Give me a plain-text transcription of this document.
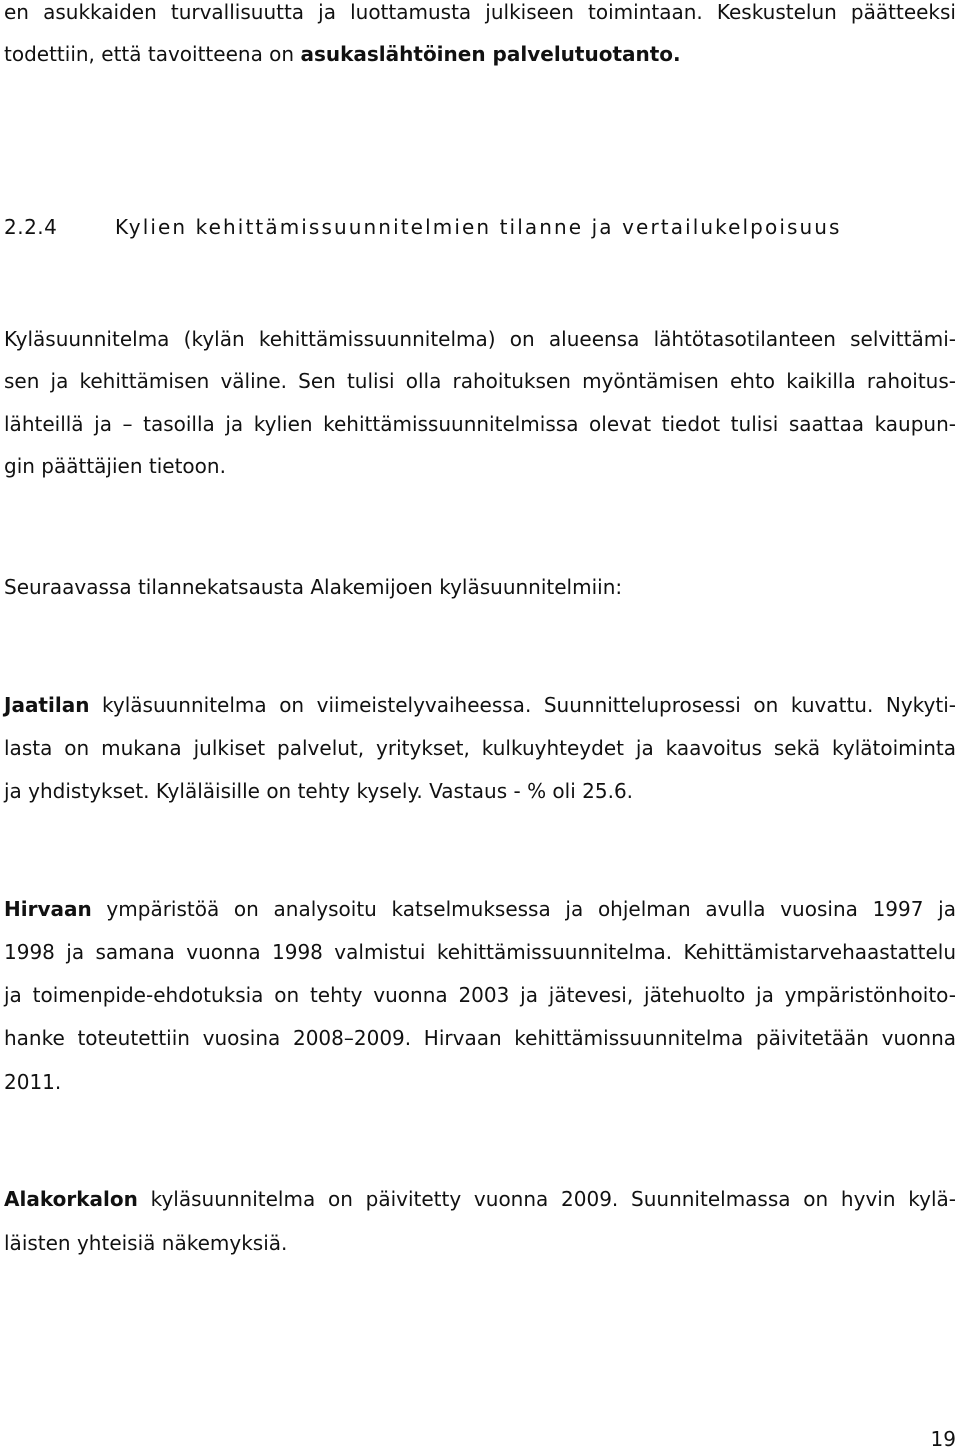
en asukkaiden turvallisuutta ja luottamusta julkiseen toimintaan. Keskustelun päätteeksi
todettiin, että tavoitteena on asukaslähtöinen palvelutuotanto.
2.2.4	Kylien kehittämissuunnitelmien tilanne ja vertailukelpoisuus
Kyläsuunnitelma (kylän kehittämissuunnitelma) on alueensa lähtötasotilanteen selvittämi-
sen ja kehittämisen väline. Sen tulisi olla rahoituksen myöntämisen ehto kaikilla rahoitus-
lähteillä ja – tasoilla ja kylien kehittämissuunnitelmissa olevat tiedot tulisi saattaa kaupun-
gin päättäjien tietoon.
Seuraavassa tilannekatsausta Alakemijoen kyläsuunnitelmiin:
Jaatilan kyläsuunnitelma on viimeistelyvaiheessa. Suunnitteluprosessi on kuvattu. Nykyti-
lasta on mukana julkiset palvelut, yritykset, kulkuyhteydet ja kaavoitus sekä kylätoiminta
ja yhdistykset. Kyläläisille on tehty kysely. Vastaus - % oli 25.6.
Hirvaan ympäristöä on analysoitu katselmuksessa ja ohjelman avulla vuosina 1997 ja
1998 ja samana vuonna 1998 valmistui kehittämissuunnitelma. Kehittämistarvehaastattelu
ja toimenpide-ehdotuksia on tehty vuonna 2003 ja jätevesi, jätehuolto ja ympäristönhoito-
hanke toteutettiin vuosina 2008–2009. Hirvaan kehittämissuunnitelma päivitetään vuonna
2011.
Alakorkalon kyläsuunnitelma on päivitetty vuonna 2009. Suunnitelmassa on hyvin kylä-
läisten yhteisiä näkemyksiä.
19
